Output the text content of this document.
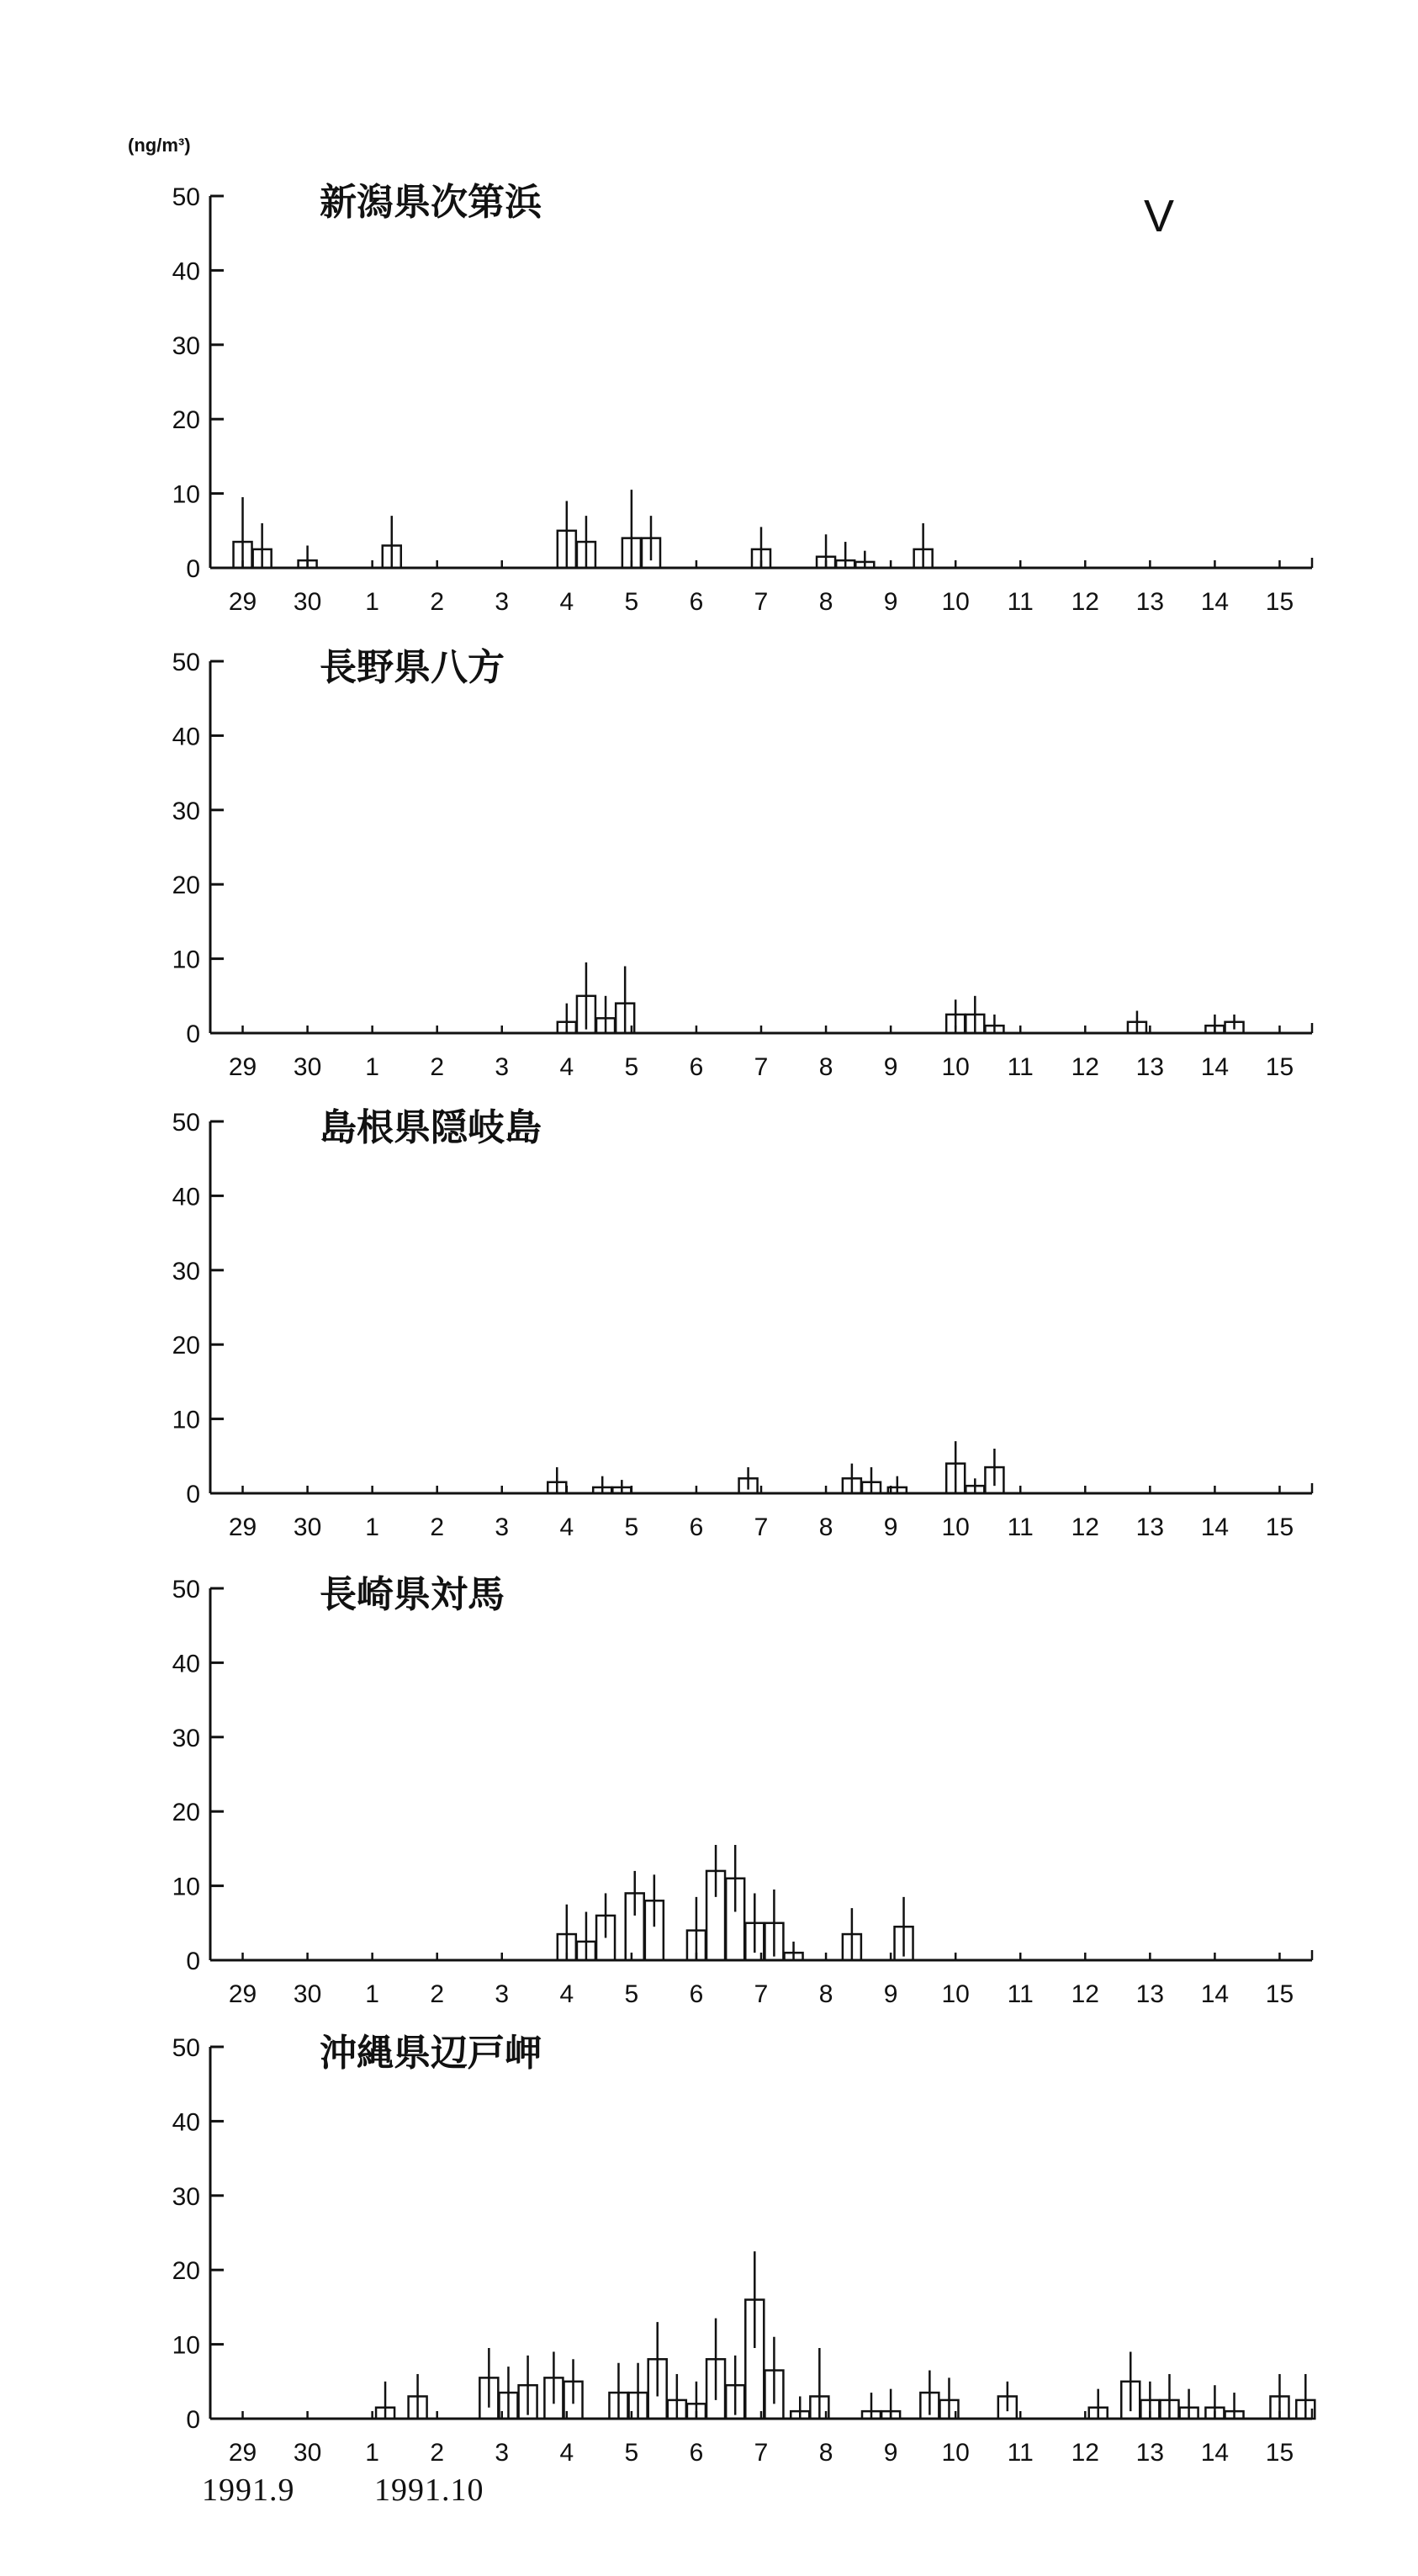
(ng/m³)
V
新潟県次第浜
0
10
20
30
40
50
29 30 1 2 3 4 5 6 7 8 9 10 11 12 13 14 15
長野県八方
0
10
20
30
40
50
29 30 1 2 3 4 5 6 7 8 9 10 11 12 13 14 15
島根県隠岐島
0
10
20
30
40
50
29 30 1 2 3 4 5 6 7 8 9 10 11 12 13 14 15
長崎県対馬
0
10
20
30
40
50
29 30 1 2 3 4 5 6 7 8 9 10 11 12 13 14 15
沖縄県辺戸岬
0
10
20
30
40
50
29 30 1 2 3 4 5 6 7 8 9 10 11 12 13 14 15
1991.9 1991.10
